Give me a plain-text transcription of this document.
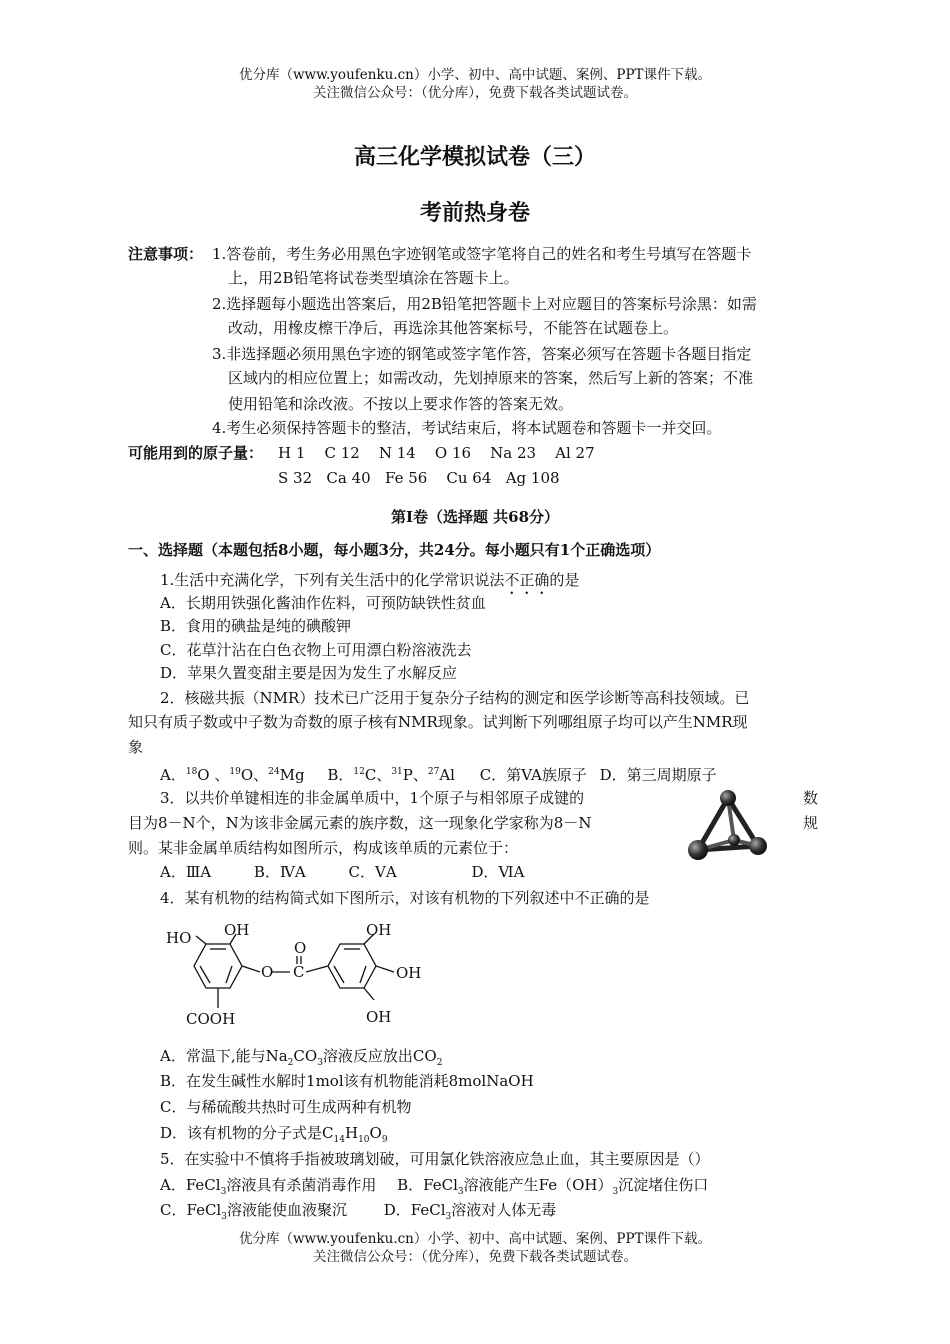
优分库（www.youfenku.cn）小学、初中、高中试题、案例、PPT课件下载。
关注微信公众号：（优分库），免费下载各类试题试卷。
高三化学模拟试卷（三）
考前热身卷
注意事项： 1.答卷前，考生务必用黑色字迹钢笔或签字笔将自己的姓名和考生号填写在答题卡
上，用2B铅笔将试卷类型填涂在答题卡上。
2.选择题每小题选出答案后，用2B铅笔把答题卡上对应题目的答案标号涂黑：如需
改动，用橡皮檫干净后，再选涂其他答案标号，不能答在试题卷上。
3.非选择题必须用黑色字迹的钢笔或签字笔作答，答案必须写在答题卡各题目指定
区域内的相应位置上；如需改动，先划掉原来的答案，然后写上新的答案；不准
使用铅笔和涂改液。不按以上要求作答的答案无效。
4.考生必须保持答题卡的整洁，考试结束后，将本试题卷和答题卡一并交回。
可能用到的原子量： H 1    C 12    N 14    O 16    Na 23    Al 27
S 32   Ca 40   Fe 56    Cu 64   Ag 108
第I卷（选择题 共68分）
一、选择题（本题包括8小题，每小题3分，共24分。每小题只有1个正确选项）
1.生活中充满化学，下列有关生活中的化学常识说法不正确的是
A．长期用铁强化酱油作佐料，可预防缺铁性贫血
B．食用的碘盐是纯的碘酸钾
C．花草汁沾在白色衣物上可用漂白粉溶液洗去
D．苹果久置变甜主要是因为发生了水解反应
2．核磁共振（NMR）技术已广泛用于复杂分子结构的测定和医学诊断等高科技领域。已
知只有质子数或中子数为奇数的原子核有NMR现象。试判断下列哪组原子均可以产生NMR现
象
A．$^{18}$O 、$^{19}$O、$^{24}$Mg B．$^{12}$C、$^{31}$P、$^{27}$Al C．第VA族原子 D．第三周期原子
3．以共价单键相连的非金属单质中，1个原子与相邻原子成键的	数
目为8－N个，N为该非金属元素的族序数，这一现象化学家称为8－N	规
则。某非金属单质结构如图所示，构成该单质的元素位于：
A．ⅢA	B．ⅣA	C．ⅤA	D．ⅥA
4．某有机物的结构简式如下图所示，对该有机物的下列叙述中不正确的是
HO OH
O
O
C
OH
OH
OH
COOH
A．常温下,能与$Na_2CO_3$溶液反应放出$CO_2$
B．在发生碱性水解时1mol该有机物能消耗8molNaOH
C．与稀硫酸共热时可生成两种有机物
D．该有机物的分子式是$C_{14}H_{10}O_9$
5．在实验中不慎将手指被玻璃划破，可用氯化铁溶液应急止血，其主要原因是（）
A．FeCl$_3$溶液具有杀菌消毒作用 B．FeCl$_3$溶液能产生$Fe(OH)_3$沉淀堵住伤口
C．FeCl$_3$溶液能使血液聚沉 D．FeCl$_3$溶液对人体无毒
优分库（www.youfenku.cn）小学、初中、高中试题、案例、PPT课件下载。
关注微信公众号：（优分库），免费下载各类试题试卷。
